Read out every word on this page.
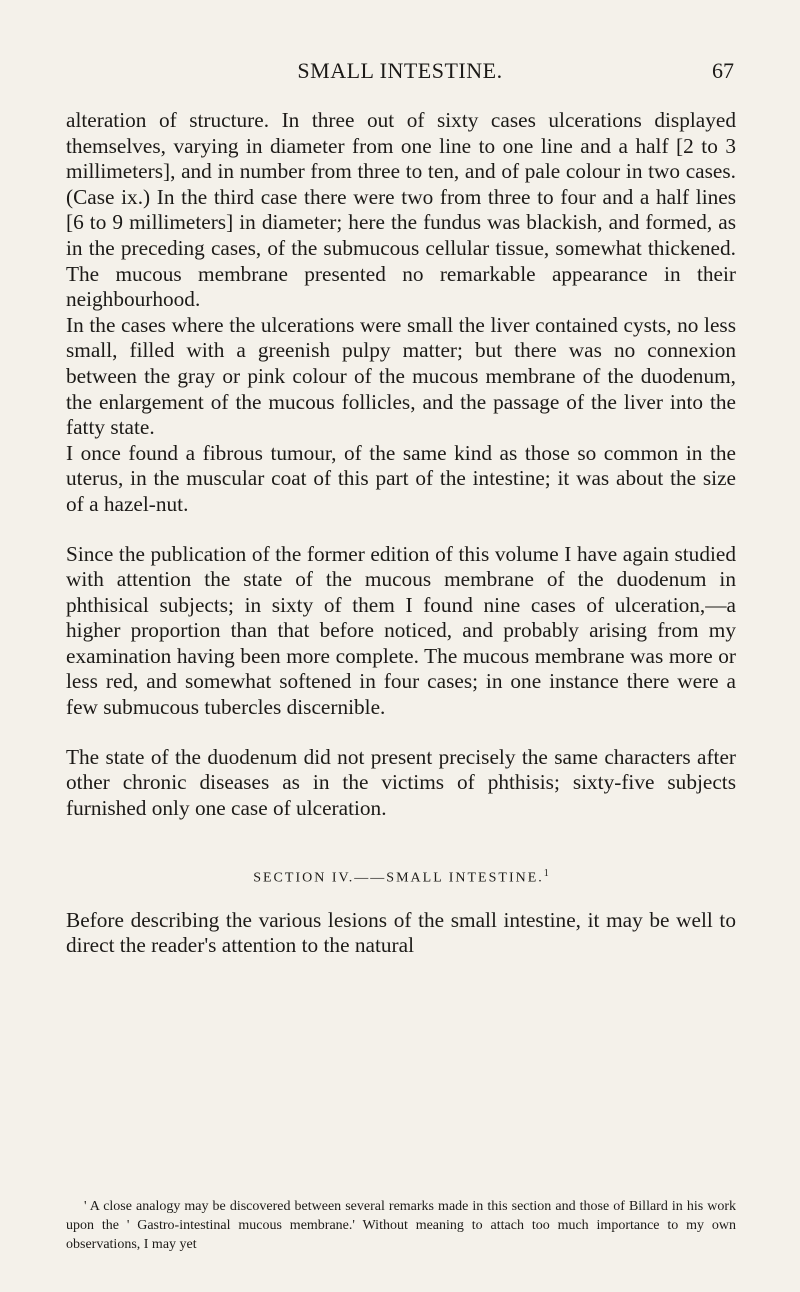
SMALL INTESTINE.	67

alteration of structure. In three out of sixty cases ulcerations displayed themselves, varying in diameter from one line to one line and a half [2 to 3 millimeters], and in number from three to ten, and of pale colour in two cases. (Case ix.) In the third case there were two from three to four and a half lines [6 to 9 millimeters] in diameter; here the fundus was blackish, and formed, as in the preceding cases, of the submucous cellular tissue, somewhat thickened. The mucous membrane presented no remarkable appearance in their neighbourhood.

In the cases where the ulcerations were small the liver contained cysts, no less small, filled with a greenish pulpy matter; but there was no connexion between the gray or pink colour of the mucous membrane of the duodenum, the enlargement of the mucous follicles, and the passage of the liver into the fatty state.

I once found a fibrous tumour, of the same kind as those so common in the uterus, in the muscular coat of this part of the intestine; it was about the size of a hazel-nut.

Since the publication of the former edition of this volume I have again studied with attention the state of the mucous membrane of the duodenum in phthisical subjects; in sixty of them I found nine cases of ulceration,—a higher proportion than that before noticed, and probably arising from my examination having been more complete. The mucous membrane was more or less red, and somewhat softened in four cases; in one instance there were a few submucous tubercles discernible.

The state of the duodenum did not present precisely the same characters after other chronic diseases as in the victims of phthisis; sixty-five subjects furnished only one case of ulceration.

SECTION IV.——SMALL INTESTINE.$^1$

Before describing the various lesions of the small intestine, it may be well to direct the reader's attention to the natural

' A close analogy may be discovered between several remarks made in this section and those of Billard in his work upon the ' Gastro-intestinal mucous membrane.' Without meaning to attach too much importance to my own observations, I may yet
